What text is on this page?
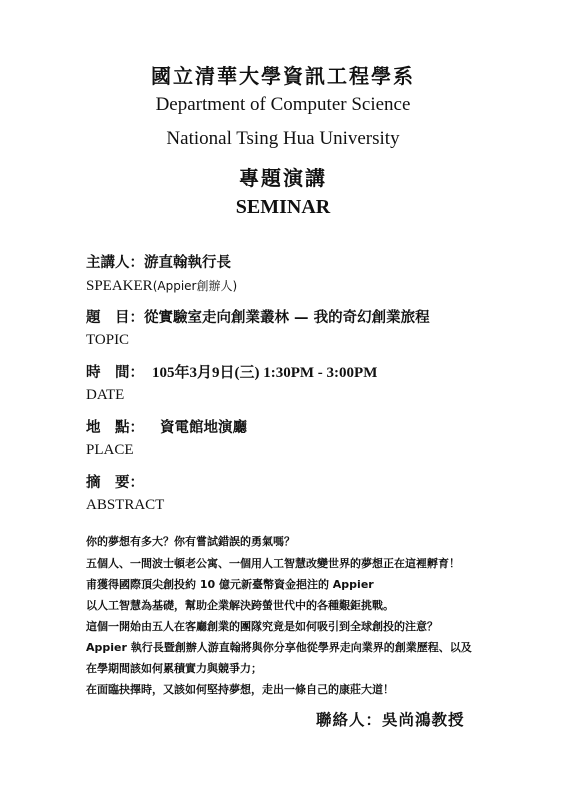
國立清華大學資訊工程學系
Department of Computer Science
National Tsing Hua University
專題演講
SEMINAR
主講人：游直翰執行長
SPEAKER(Appier創辦人)
題　目：從實驗室走向創業叢林 — 我的奇幻創業旅程
TOPIC
時　間： 105年3月9日(三) 1:30PM - 3:00PM
DATE
地　點： 資電館地演廳
PLACE
摘　要：
ABSTRACT
你的夢想有多大？你有嘗試錯誤的勇氣嗎？
五個人、一間波士頓老公寓、一個用人工智慧改變世界的夢想正在這裡孵育！
甫獲得國際頂尖創投約 10 億元新臺幣資金挹注的 Appier
以人工智慧為基礎，幫助企業解決跨螢世代中的各種艱鉅挑戰。
這個一開始由五人在客廳創業的團隊究竟是如何吸引到全球創投的注意？
Appier 執行長暨創辦人游直翰將與你分享他從學界走向業界的創業歷程、以及
在學期間該如何累積實力與競爭力；
在面臨抉擇時，又該如何堅持夢想，走出一條自己的康莊大道！
聯絡人：吳尚鴻教授
